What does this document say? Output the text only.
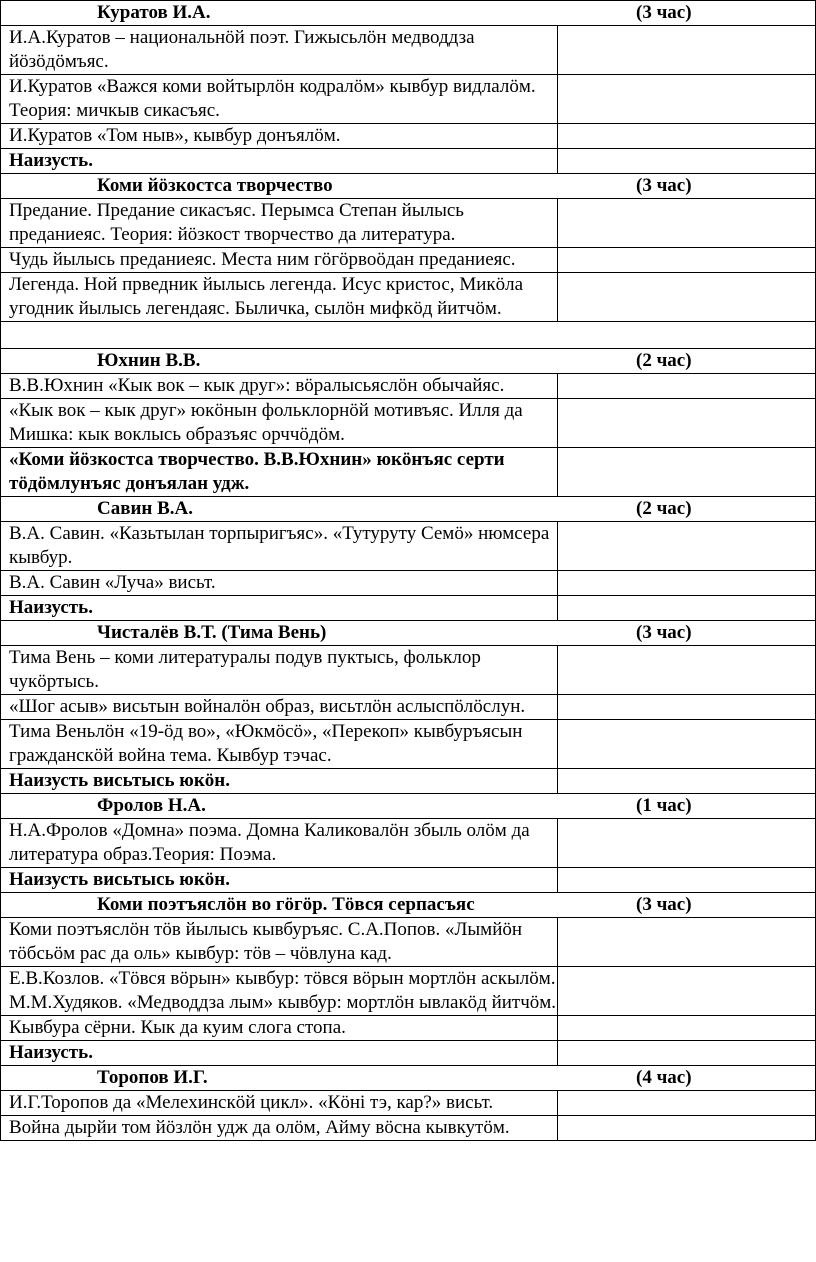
Куратов И.А. (3 час)	
И.А.Куратов – национальнӧй поэт. Гижысьлӧн медводдза йӧзӧдӧмъяс.	
И.Куратов «Важся коми войтырлӧн кодралӧм» кывбур видлалӧм. Теория: мичкыв сикасъяс.	
И.Куратов «Том ныв», кывбур донъялӧм.	
Наизусть.	
Коми йӧзкостса творчество (3 час)	
Предание. Предание сикасъяс. Перымса Степан йылысь преданиеяс. Теория: йӧзкост творчество да литература.	
Чудь йылысь преданиеяс. Места ним гӧгӧрвоӧдан преданиеяс.	
Легенда. Ной прведник йылысь легенда. Исус кристос, Микӧла угодник йылысь легендаяс. Быличка, сылӧн мифкӧд йитчӧм.	

Юхнин В.В. (2 час)	
В.В.Юхнин «Кык вок – кык друг»: вӧралысьяслӧн обычайяс.	
«Кык вок – кык друг» юкӧнын фольклорнӧй мотивъяс. Илля да Мишка: кык воклысь образъяс орччӧдӧм.	
«Коми йӧзкостса творчество. В.В.Юхнин» юкӧнъяс серти тӧдӧмлунъяс донъялан удж.	
Савин В.А. (2 час)	
В.А. Савин. «Казьтылан торпыригъяс». «Тутуруту Семӧ» нюмсера кывбур.	
В.А. Савин «Луча» висьт.	
Наизусть.	
Чисталёв В.Т. (Тима Вень) (3 час)	
Тима Вень – коми литературалы подув пуктысь, фольклор чукӧртысь.	
«Шог асыв» висьтын войналӧн образ, висьтлӧн аслыспӧлӧслун.	
Тима Веньлӧн «19-ӧд во», «Юкмӧсӧ», «Перекоп» кывбуръясын гражданскӧй война тема. Кывбур тэчас.	
Наизусть висьтысь юкӧн.	
Фролов Н.А. (1 час)	
Н.А.Фролов «Домна» поэма. Домна Каликовалӧн збыль олӧм да литература образ.Теория: Поэма.	
Наизусть висьтысь юкӧн.	
Коми поэтъяслӧн во гӧгӧр. Тӧвся серпасъяс (3 час)	
Коми поэтъяслӧн тӧв йылысь кывбуръяс. С.А.Попов. «Лымйӧн тӧбсьӧм рас да оль» кывбур: тӧв – чӧвлуна кад.	
Е.В.Козлов. «Тӧвся вӧрын» кывбур: тӧвся вӧрын мортлӧн аскылӧм. М.М.Худяков. «Медводдза лым» кывбур: мортлӧн ывлакӧд йитчӧм.	
Кывбура сёрни. Кык да куим слога стопа.	
Наизусть.	
Торопов И.Г. (4 час)	
И.Г.Торопов да «Мелехинскӧй цикл». «Кӧнi тэ, кар?» висьт.	
Война дырйи том йӧзлӧн удж да олӧм, Айму вӧсна кывкутӧм.	
